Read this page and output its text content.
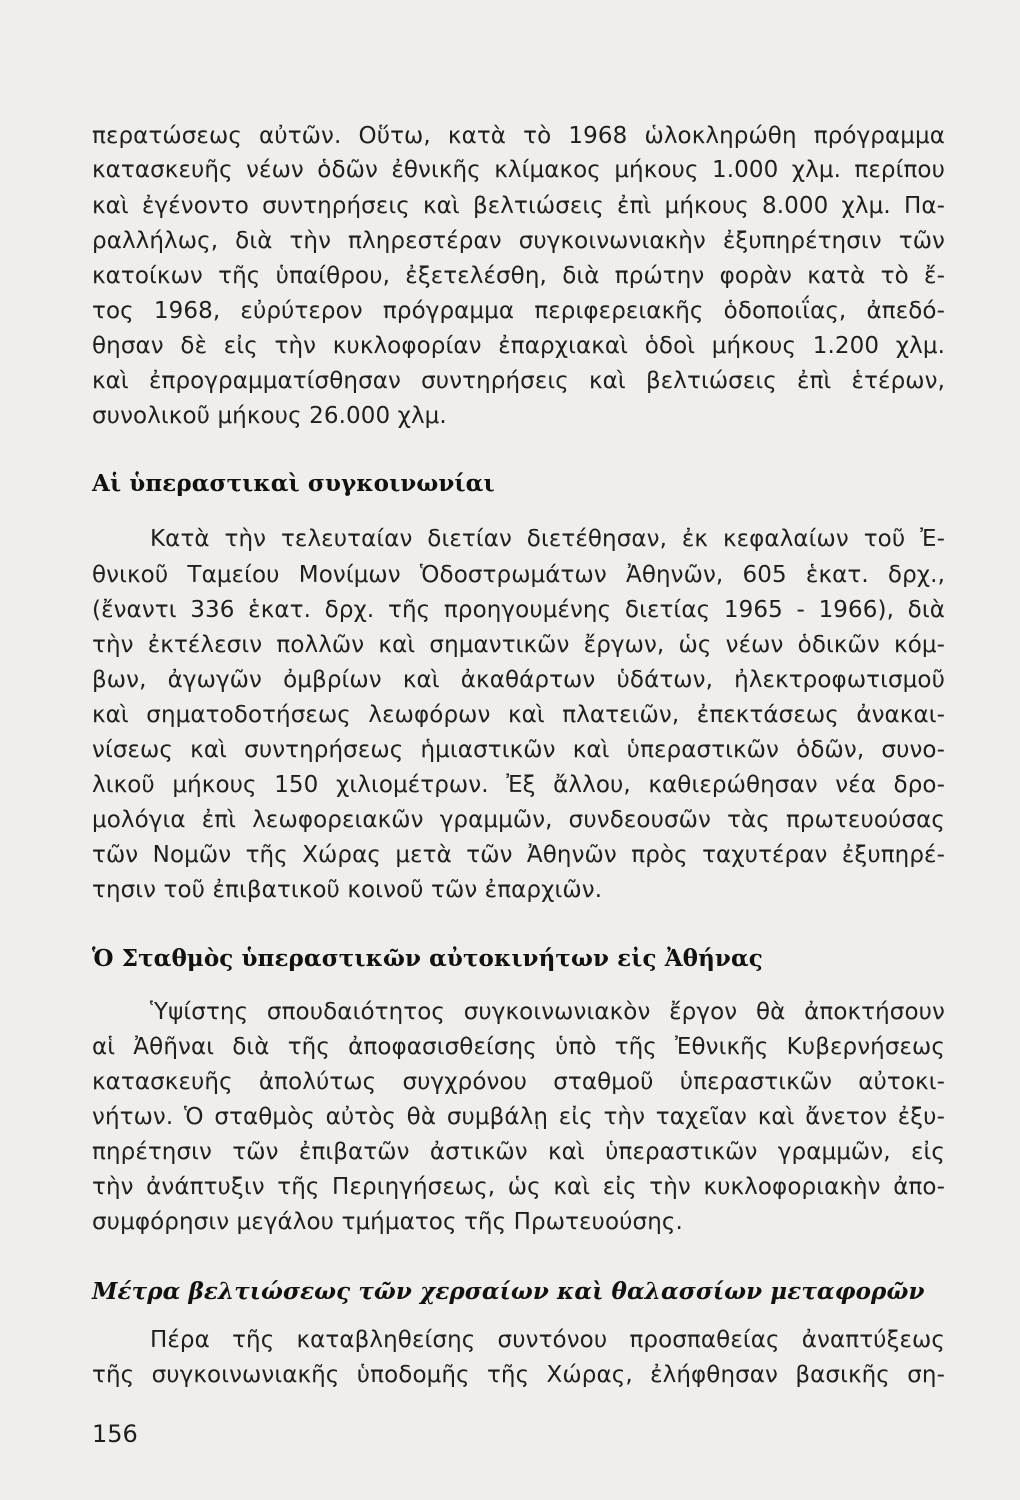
περατώσεως αὐτῶν. Οὕτω, κατὰ τὸ 1968 ὡλοκληρώθη πρόγραμμα
κατασκευῆς νέων ὁδῶν ἐθνικῆς κλίμακος μήκους 1.000 χλμ. περίπου
καὶ ἐγένοντο συντηρήσεις καὶ βελτιώσεις ἐπὶ μήκους 8.000 χλμ. Πα-
ραλλήλως, διὰ τὴν πληρεστέραν συγκοινωνιακὴν ἐξυπηρέτησιν τῶν
κατοίκων τῆς ὑπαίθρου, ἐξετελέσθη, διὰ πρώτην φορὰν κατὰ τὸ ἔ-
τος 1968, εὐρύτερον πρόγραμμα περιφερειακῆς ὁδοποιΐας, ἀπεδό-
θησαν δὲ εἰς τὴν κυκλοφορίαν ἐπαρχιακαὶ ὁδοὶ μήκους 1.200 χλμ.
καὶ ἐπρογραμματίσθησαν συντηρήσεις καὶ βελτιώσεις ἐπὶ ἑτέρων,
συνολικοῦ μήκους 26.000 χλμ.
Αἱ ὑπεραστικαὶ συγκοινωνίαι
Κατὰ τὴν τελευταίαν διετίαν διετέθησαν, ἐκ κεφαλαίων τοῦ Ἐ-
θνικοῦ Ταμείου Μονίμων Ὁδοστρωμάτων Ἀθηνῶν, 605 ἑκατ. δρχ.,
(ἔναντι 336 ἑκατ. δρχ. τῆς προηγουμένης διετίας 1965 - 1966), διὰ
τὴν ἐκτέλεσιν πολλῶν καὶ σημαντικῶν ἔργων, ὡς νέων ὁδικῶν κόμ-
βων, ἀγωγῶν ὀμβρίων καὶ ἀκαθάρτων ὑδάτων, ἠλεκτροφωτισμοῦ
καὶ σηματοδοτήσεως λεωφόρων καὶ πλατειῶν, ἐπεκτάσεως ἀνακαι-
νίσεως καὶ συντηρήσεως ἡμιαστικῶν καὶ ὑπεραστικῶν ὁδῶν, συνο-
λικοῦ μήκους 150 χιλιομέτρων. Ἐξ ἄλλου, καθιερώθησαν νέα δρο-
μολόγια ἐπὶ λεωφορειακῶν γραμμῶν, συνδεουσῶν τὰς πρωτευούσας
τῶν Νομῶν τῆς Χώρας μετὰ τῶν Ἀθηνῶν πρὸς ταχυτέραν ἐξυπηρέ-
τησιν τοῦ ἐπιβατικοῦ κοινοῦ τῶν ἐπαρχιῶν.
Ὁ Σταθμὸς ὑπεραστικῶν αὐτοκινήτων εἰς Ἀθήνας
Ὑψίστης σπουδαιότητος συγκοινωνιακὸν ἔργον θὰ ἀποκτήσουν
αἱ Ἀθῆναι διὰ τῆς ἀποφασισθείσης ὑπὸ τῆς Ἐθνικῆς Κυβερνήσεως
κατασκευῆς ἀπολύτως συγχρόνου σταθμοῦ ὑπεραστικῶν αὐτοκι-
νήτων. Ὁ σταθμὸς αὐτὸς θὰ συμβάλῃ εἰς τὴν ταχεῖαν καὶ ἄνετον ἐξυ-
πηρέτησιν τῶν ἐπιβατῶν ἀστικῶν καὶ ὑπεραστικῶν γραμμῶν, εἰς
τὴν ἀνάπτυξιν τῆς Περιηγήσεως, ὡς καὶ εἰς τὴν κυκλοφοριακὴν ἀπο-
συμφόρησιν μεγάλου τμήματος τῆς Πρωτευούσης.
Μέτρα βελτιώσεως τῶν χερσαίων καὶ θαλασσίων μεταφορῶν
Πέρα τῆς καταβληθείσης συντόνου προσπαθείας ἀναπτύξεως
τῆς συγκοινωνιακῆς ὑποδομῆς τῆς Χώρας, ἐλήφθησαν βασικῆς ση-
156
